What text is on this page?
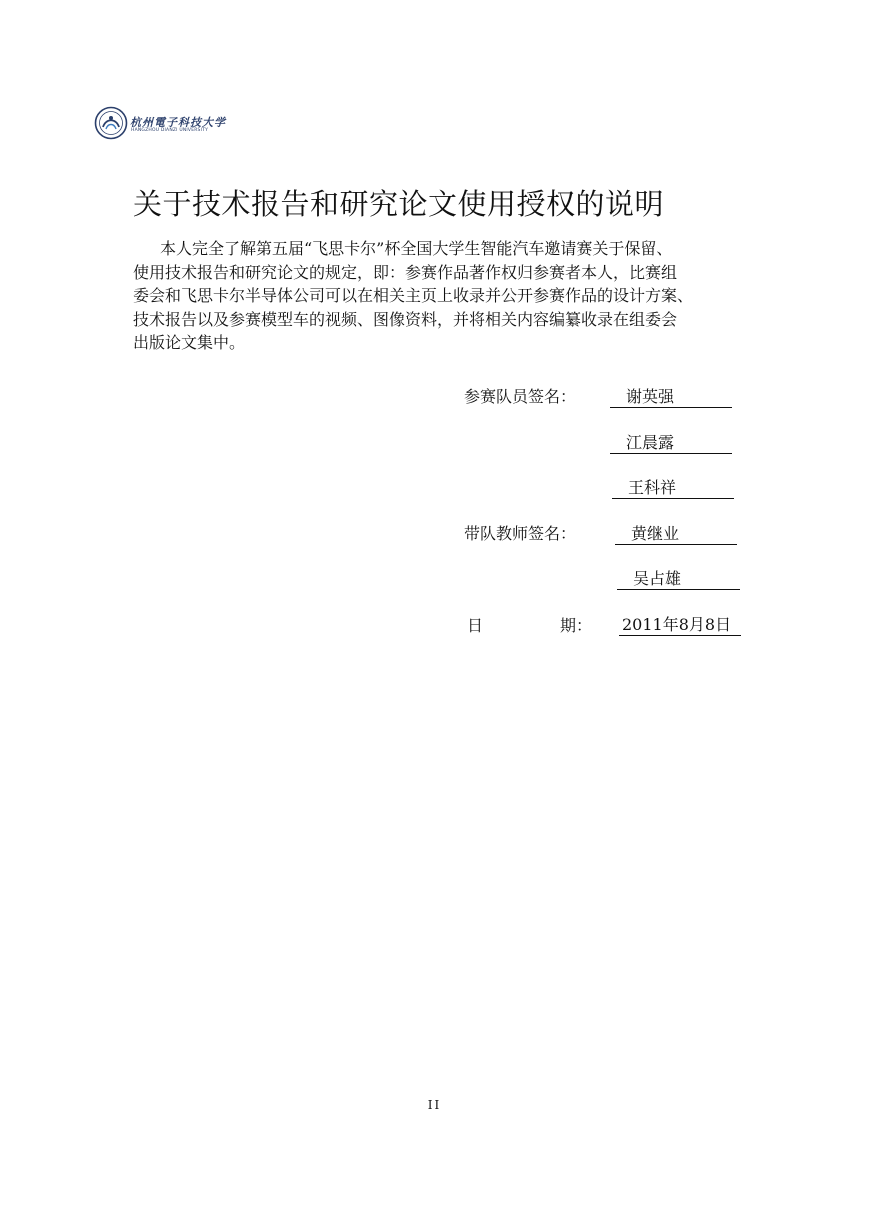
杭州電子科技大学
HANGZHOU DIANZI UNIVERSITY
关于技术报告和研究论文使用授权的说明
本人完全了解第五届“飞思卡尔”杯全国大学生智能汽车邀请赛关于保留、
使用技术报告和研究论文的规定，即：参赛作品著作权归参赛者本人，比赛组
委会和飞思卡尔半导体公司可以在相关主页上收录并公开参赛作品的设计方案、
技术报告以及参赛模型车的视频、图像资料，并将相关内容编纂收录在组委会
出版论文集中。
参赛队员签名：	谢英强
江晨露
王科祥
带队教师签名：	黄继业
吴占雄
日	期： 2011年8月8日
II
